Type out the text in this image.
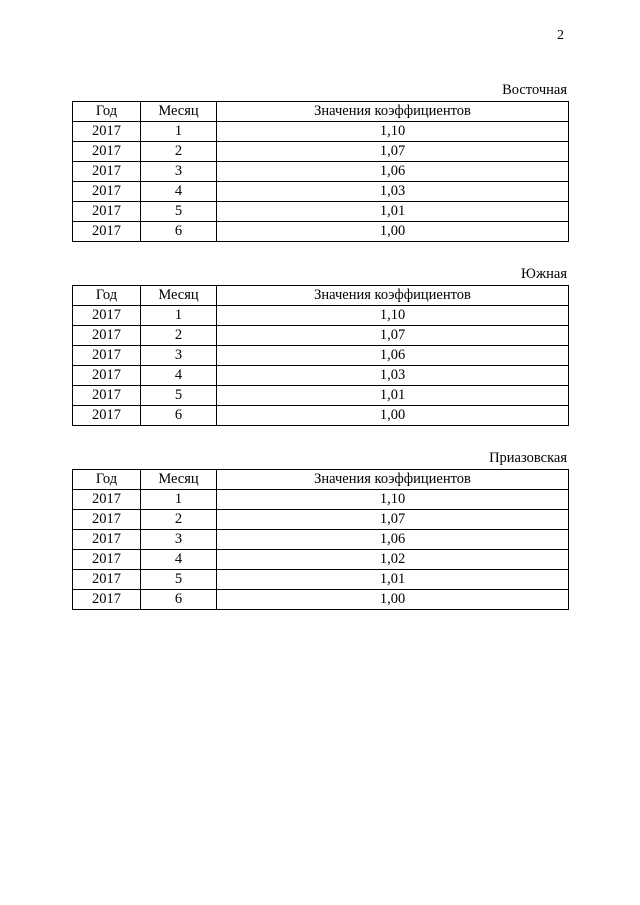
2
Восточная
Год	Месяц	Значения коэффициентов
2017	1	1,10
2017	2	1,07
2017	3	1,06
2017	4	1,03
2017	5	1,01
2017	6	1,00
Южная
Год	Месяц	Значения коэффициентов
2017	1	1,10
2017	2	1,07
2017	3	1,06
2017	4	1,03
2017	5	1,01
2017	6	1,00
Приазовская
Год	Месяц	Значения коэффициентов
2017	1	1,10
2017	2	1,07
2017	3	1,06
2017	4	1,02
2017	5	1,01
2017	6	1,00
